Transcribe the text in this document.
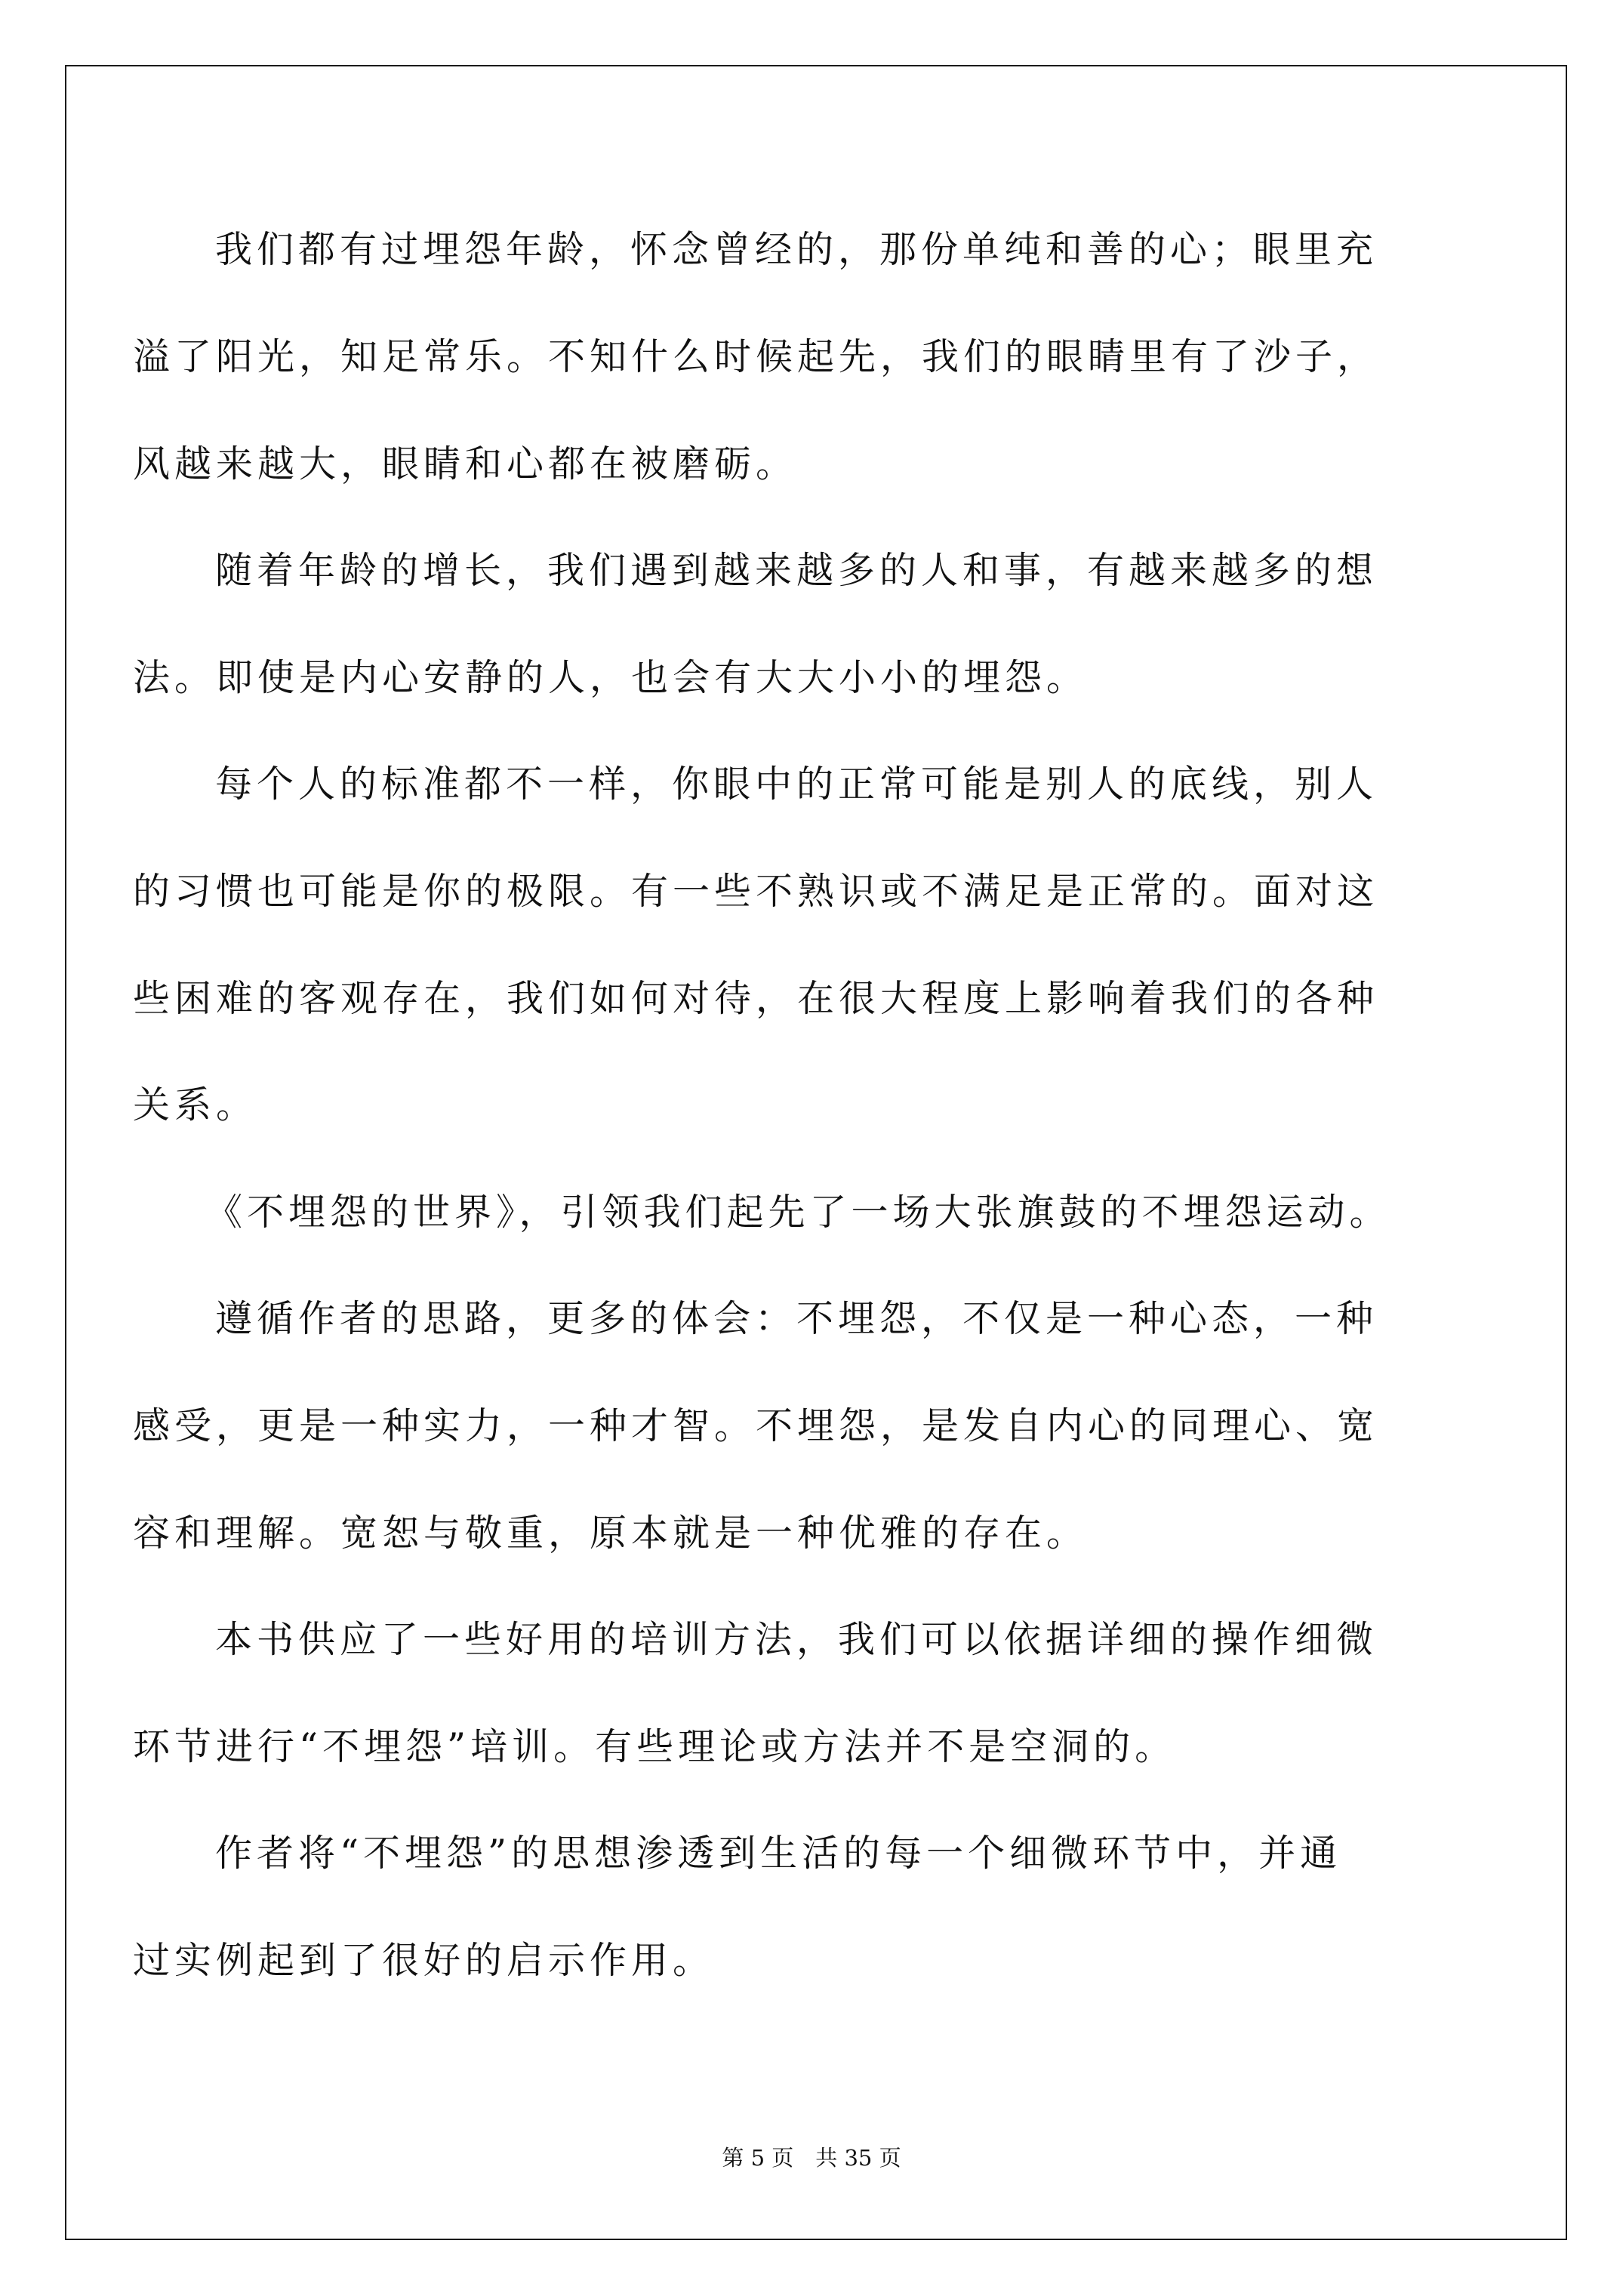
我们都有过埋怨年龄，怀念曾经的，那份单纯和善的心；眼里充
溢了阳光，知足常乐。不知什么时候起先，我们的眼睛里有了沙子，
风越来越大，眼睛和心都在被磨砺。
随着年龄的增长，我们遇到越来越多的人和事，有越来越多的想
法。即使是内心安静的人，也会有大大小小的埋怨。
每个人的标准都不一样，你眼中的正常可能是别人的底线，别人
的习惯也可能是你的极限。有一些不熟识或不满足是正常的。面对这
些困难的客观存在，我们如何对待，在很大程度上影响着我们的各种
关系。
《不埋怨的世界》，引领我们起先了一场大张旗鼓的不埋怨运动。
遵循作者的思路，更多的体会：不埋怨，不仅是一种心态，一种
感受，更是一种实力，一种才智。不埋怨，是发自内心的同理心、宽
容和理解。宽恕与敬重，原本就是一种优雅的存在。
本书供应了一些好用的培训方法，我们可以依据详细的操作细微
环节进行“不埋怨”培训。有些理论或方法并不是空洞的。
作者将“不埋怨”的思想渗透到生活的每一个细微环节中，并通
过实例起到了很好的启示作用。
第 5 页　共 35 页
